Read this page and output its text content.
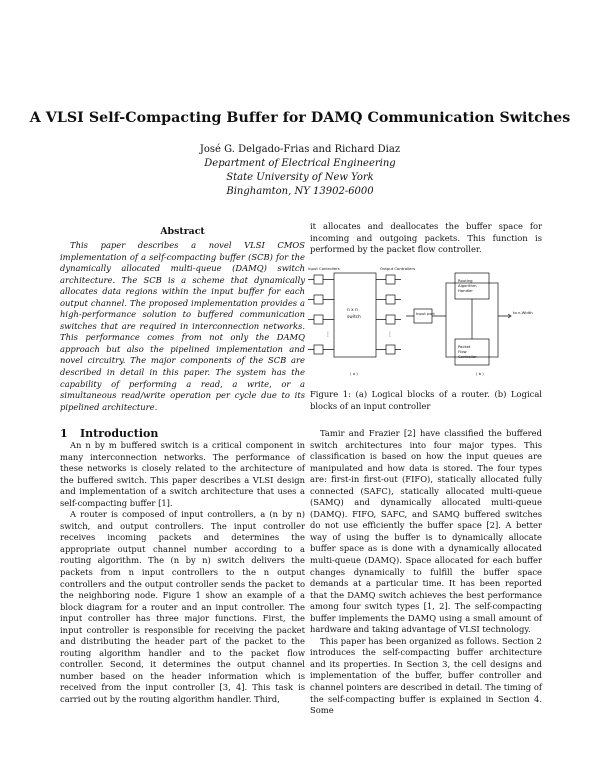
A VLSI Self-Compacting Buffer for DAMQ Communication Switches
José G. Delgado-Frias and Richard Diaz
Department of Electrical Engineering
State University of New York
Binghamton, NY 13902-6000
Abstract

This paper describes a novel VLSI CMOS implementation of a self-compacting buffer (SCB) for the dynamically allocated multi-queue (DAMQ) switch architecture. The SCB is a scheme that dynamically allocates data regions within the input buffer for each output channel. The proposed implementation provides a high-performance solution to buffered communication switches that are required in interconnection networks. This performance comes from not only the DAMQ approach but also the pipelined implementation and novel circuitry. The major components of the SCB are described in detail in this paper. The system has the capability of performing a read, a write, or a simultaneous read/write operation per cycle due to its pipelined architecture.

1 Introduction

An n by m buffered switch is a critical component in many interconnection networks. The performance of these networks is closely related to the architecture of the buffered switch. This paper describes a VLSI design and implementation of a switch architecture that uses a self-compacting buffer [1].

A router is composed of input controllers, a (n by n) switch, and output controllers. The input controller receives incoming packets and determines the appropriate output channel number according to a routing algorithm. The (n by n) switch delivers the packets from n input controllers to the n output controllers and the output controller sends the packet to the neighboring node. Figure 1 show an example of a block diagram for a router and an input controller. The input controller has three major functions. First, the input controller is responsible for receiving the packet and distributing the header part of the packet to the routing algorithm handler and to the packet flow controller. Second, it determines the output channel number based on the header information which is received from the input controller [3, 4]. This task is carried out by the routing algorithm handler. Third,

it allocates and deallocates the buffer space for incoming and outgoing packets. This function is performed by the packet flow controller.

Input Controllers	Output Controllers
n x n
switch
⋮	⋮
Input port
Routing
Algorithm
Handler
Packet
Flow
Controller
to n-Width
( a )	( b )

Figure 1: (a) Logical blocks of a router. (b) Logical blocks of an input controller

Tamir and Frazier [2] have classified the buffered switch architectures into four major types. This classification is based on how the input queues are manipulated and how data is stored. The four types are: first-in first-out (FIFO), statically allocated fully connected (SAFC), statically allocated multi-queue (SAMQ) and dynamically allocated multi-queue (DAMQ). FIFO, SAFC, and SAMQ buffered switches do not use efficiently the buffer space [2]. A better way of using the buffer is to dynamically allocate buffer space as is done with a dynamically allocated multi-queue (DAMQ). Space allocated for each buffer changes dynamically to fulfill the buffer space demands at a particular time. It has been reported that the DAMQ switch achieves the best performance among four switch types [1, 2]. The self-compacting buffer implements the DAMQ using a small amount of hardware and taking advantage of VLSI technology.

This paper has been organized as follows. Section 2 introduces the self-compacting buffer architecture and its properties. In Section 3, the cell designs and implementation of the buffer, buffer controller and channel pointers are described in detail. The timing of the self-compacting buffer is explained in Section 4. Some
